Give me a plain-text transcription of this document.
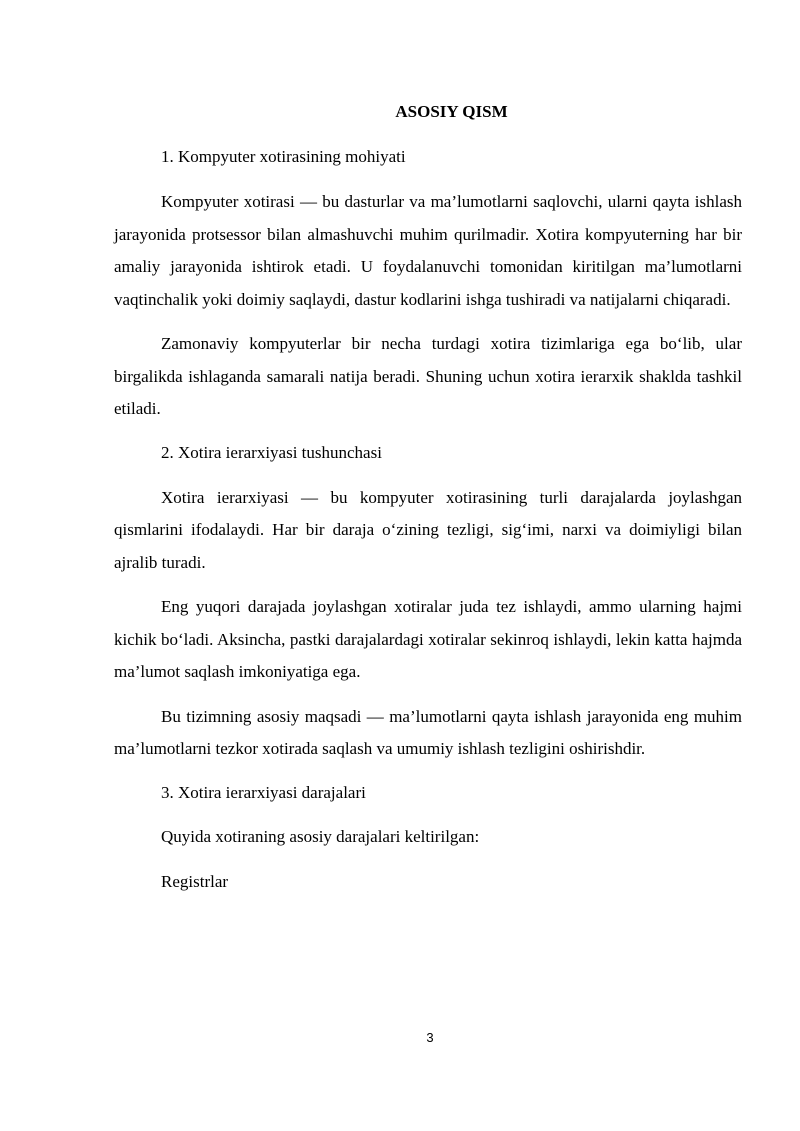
ASOSIY QISM
1. Kompyuter xotirasining mohiyati

Kompyuter xotirasi — bu dasturlar va ma’lumotlarni saqlovchi, ularni qayta ishlash jarayonida protsessor bilan almashuvchi muhim qurilmadir. Xotira kompyuterning har bir amaliy jarayonida ishtirok etadi. U foydalanuvchi tomonidan kiritilgan ma’lumotlarni vaqtinchalik yoki doimiy saqlaydi, dastur kodlarini ishga tushiradi va natijalarni chiqaradi.

Zamonaviy kompyuterlar bir necha turdagi xotira tizimlariga ega bo‘lib, ular birgalikda ishlaganda samarali natija beradi. Shuning uchun xotira ierarxik shaklda tashkil etiladi.

2. Xotira ierarxiyasi tushunchasi

Xotira ierarxiyasi — bu kompyuter xotirasining turli darajalarda joylashgan qismlarini ifodalaydi. Har bir daraja o‘zining tezligi, sig‘imi, narxi va doimiyligi bilan ajralib turadi.

Eng yuqori darajada joylashgan xotiralar juda tez ishlaydi, ammo ularning hajmi kichik bo‘ladi. Aksincha, pastki darajalardagi xotiralar sekinroq ishlaydi, lekin katta hajmda ma’lumot saqlash imkoniyatiga ega.

Bu tizimning asosiy maqsadi — ma’lumotlarni qayta ishlash jarayonida eng muhim ma’lumotlarni tezkor xotirada saqlash va umumiy ishlash tezligini oshirishdir.

3. Xotira ierarxiyasi darajalari
Quyida xotiraning asosiy darajalari keltirilgan:
Registrlar
3
